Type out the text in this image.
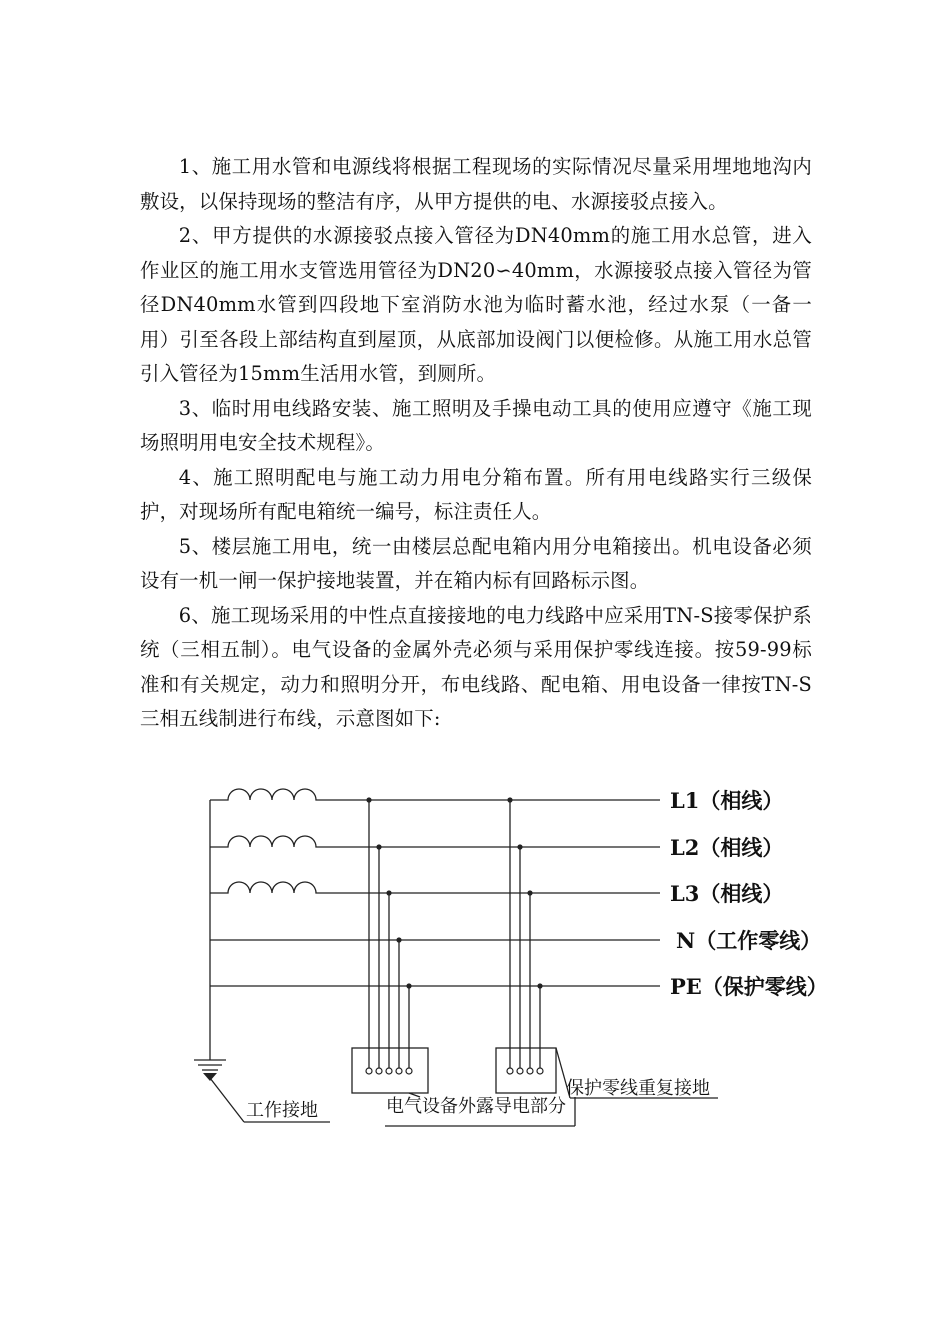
1、施工用水管和电源线将根据工程现场的实际情况尽量采用埋地地沟内敷设，以保持现场的整洁有序，从甲方提供的电、水源接驳点接入。

2、甲方提供的水源接驳点接入管径为DN40mm的施工用水总管，进入作业区的施工用水支管选用管径为DN20∽40mm，水源接驳点接入管径为管径DN40mm水管到四段地下室消防水池为临时蓄水池，经过水泵（一备一用）引至各段上部结构直到屋顶，从底部加设阀门以便检修。从施工用水总管引入管径为15mm生活用水管，到厕所。

3、临时用电线路安装、施工照明及手操电动工具的使用应遵守《施工现场照明用电安全技术规程》。

4、施工照明配电与施工动力用电分箱布置。所有用电线路实行三级保护，对现场所有配电箱统一编号，标注责任人。

5、楼层施工用电，统一由楼层总配电箱内用分电箱接出。机电设备必须设有一机一闸一保护接地装置，并在箱内标有回路标示图。

6、施工现场采用的中性点直接接地的电力线路中应采用TN-S接零保护系统（三相五制）。电气设备的金属外壳必须与采用保护零线连接。按59-99标准和有关规定，动力和照明分开，布电线路、配电箱、用电设备一律按TN-S三相五线制进行布线，示意图如下:

L1（相线）
L2（相线）
L3（相线）
N（工作零线）
PE（保护零线）
工作接地	电气设备外露导电部分
保护零线重复接地
